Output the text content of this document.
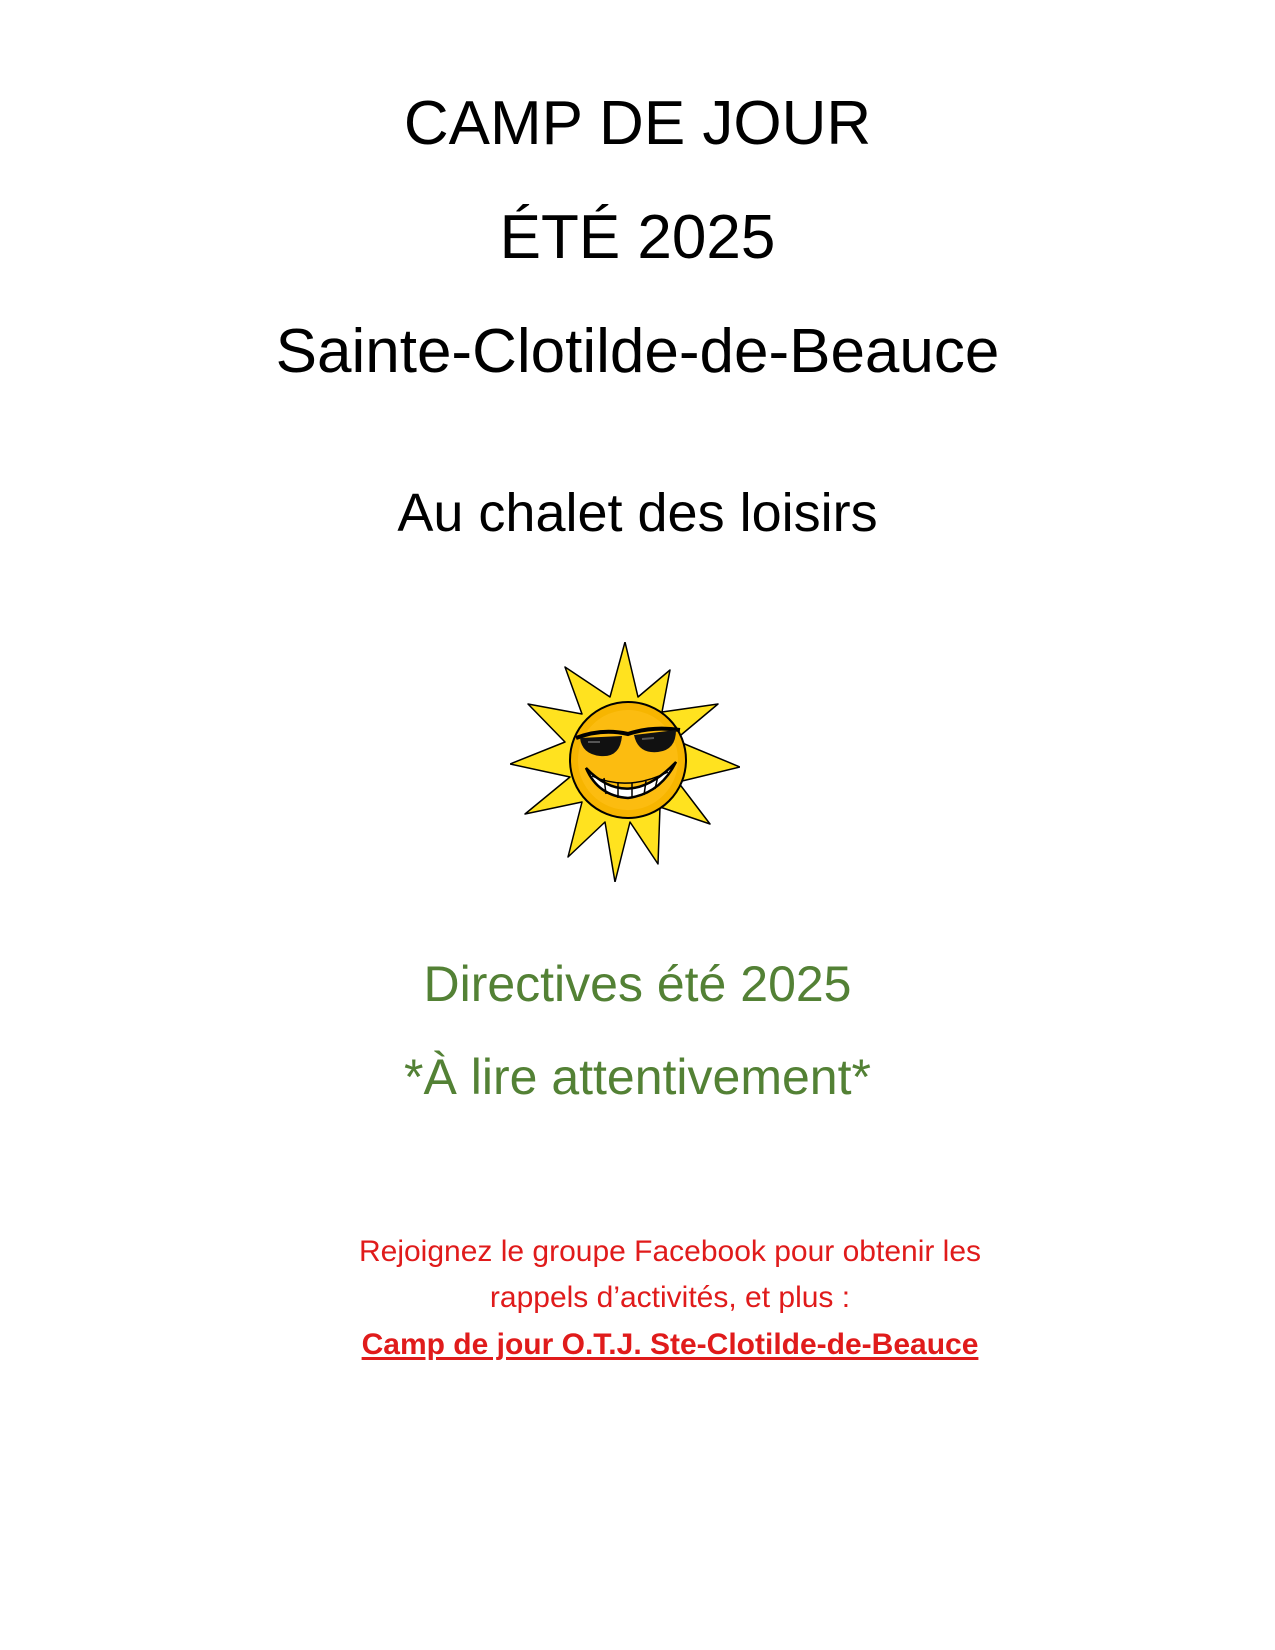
CAMP DE JOUR
ÉTÉ 2025
Sainte-Clotilde-de-Beauce
Au chalet des loisirs
Directives été 2025
*À lire attentivement*
Rejoignez le groupe Facebook pour obtenir les
rappels d’activités, et plus :
Camp de jour O.T.J. Ste-Clotilde-de-Beauce
